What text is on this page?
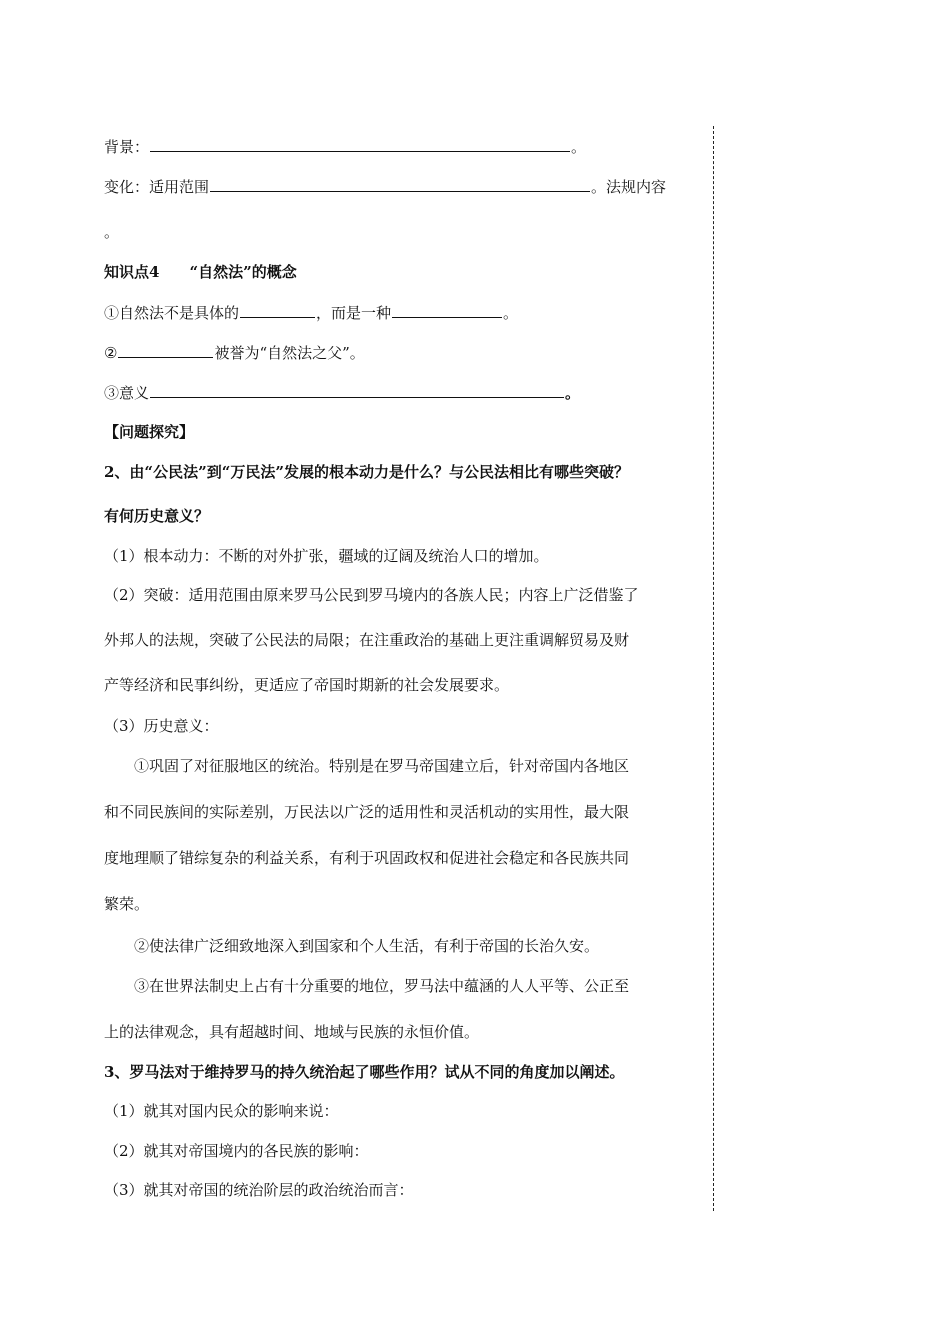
背景：	。
变化：适用范围	。法规内容
。
知识点4　　“自然法”的概念
①自然法不是具体的	，而是一种	。
②	被誉为“自然法之父”。
③意义	。
【问题探究】
2、由“公民法”到“万民法”发展的根本动力是什么？与公民法相比有哪些突破？
有何历史意义？
（1）根本动力：不断的对外扩张，疆域的辽阔及统治人口的增加。
（2）突破：适用范围由原来罗马公民到罗马境内的各族人民；内容上广泛借鉴了
外邦人的法规，突破了公民法的局限；在注重政治的基础上更注重调解贸易及财
产等经济和民事纠纷，更适应了帝国时期新的社会发展要求。
（3）历史意义：
①巩固了对征服地区的统治。特别是在罗马帝国建立后，针对帝国内各地区
和不同民族间的实际差别，万民法以广泛的适用性和灵活机动的实用性，最大限
度地理顺了错综复杂的利益关系，有利于巩固政权和促进社会稳定和各民族共同
繁荣。
②使法律广泛细致地深入到国家和个人生活，有利于帝国的长治久安。
③在世界法制史上占有十分重要的地位，罗马法中蕴涵的人人平等、公正至
上的法律观念，具有超越时间、地域与民族的永恒价值。
3、罗马法对于维持罗马的持久统治起了哪些作用？试从不同的角度加以阐述。
（1）就其对国内民众的影响来说：
（2）就其对帝国境内的各民族的影响：
（3）就其对帝国的统治阶层的政治统治而言：
